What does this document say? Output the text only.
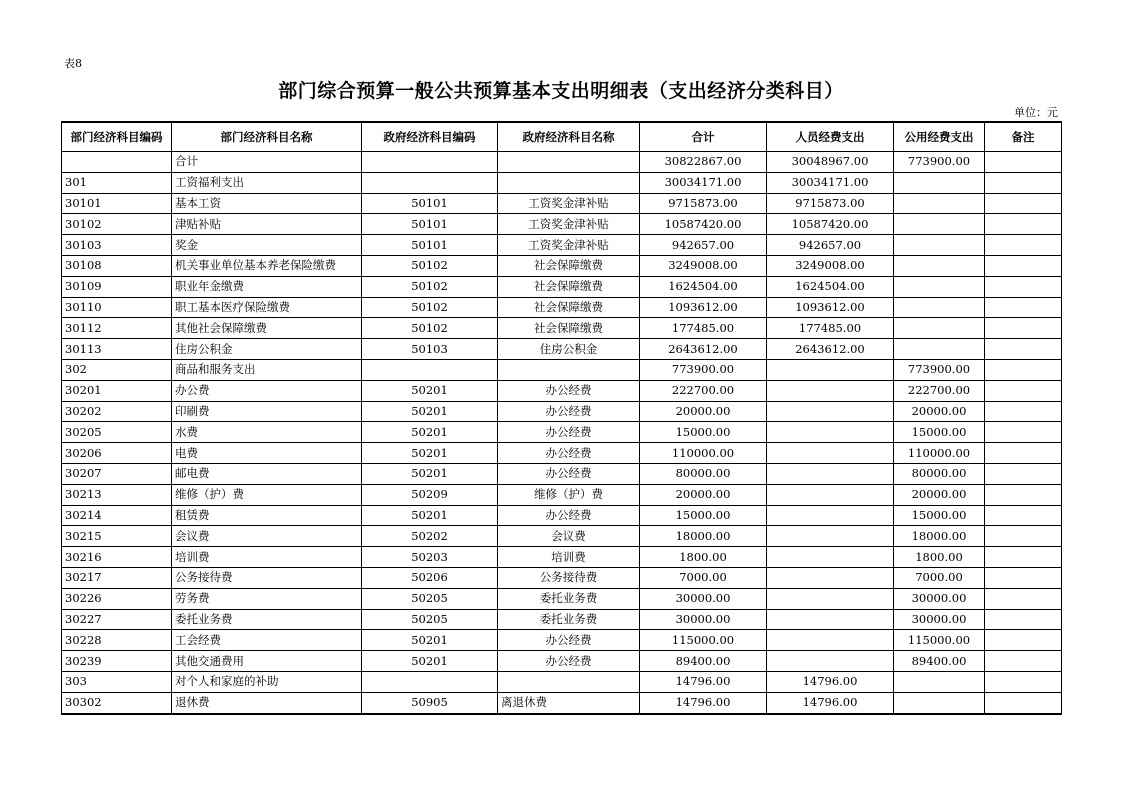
表8
部门综合预算一般公共预算基本支出明细表（支出经济分类科目）
单位：元
部门经济科目编码	部门经济科目名称	政府经济科目编码	政府经济科目名称	合计	人员经费支出	公用经费支出	备注
	合计			30822867.00	30048967.00	773900.00	
301	工资福利支出			30034171.00	30034171.00		
30101	基本工资	50101	工资奖金津补贴	9715873.00	9715873.00		
30102	津贴补贴	50101	工资奖金津补贴	10587420.00	10587420.00		
30103	奖金	50101	工资奖金津补贴	942657.00	942657.00		
30108	机关事业单位基本养老保险缴费	50102	社会保障缴费	3249008.00	3249008.00		
30109	职业年金缴费	50102	社会保障缴费	1624504.00	1624504.00		
30110	职工基本医疗保险缴费	50102	社会保障缴费	1093612.00	1093612.00		
30112	其他社会保障缴费	50102	社会保障缴费	177485.00	177485.00		
30113	住房公积金	50103	住房公积金	2643612.00	2643612.00		
302	商品和服务支出			773900.00		773900.00	
30201	办公费	50201	办公经费	222700.00		222700.00	
30202	印刷费	50201	办公经费	20000.00		20000.00	
30205	水费	50201	办公经费	15000.00		15000.00	
30206	电费	50201	办公经费	110000.00		110000.00	
30207	邮电费	50201	办公经费	80000.00		80000.00	
30213	维修（护）费	50209	维修（护）费	20000.00		20000.00	
30214	租赁费	50201	办公经费	15000.00		15000.00	
30215	会议费	50202	会议费	18000.00		18000.00	
30216	培训费	50203	培训费	1800.00		1800.00	
30217	公务接待费	50206	公务接待费	7000.00		7000.00	
30226	劳务费	50205	委托业务费	30000.00		30000.00	
30227	委托业务费	50205	委托业务费	30000.00		30000.00	
30228	工会经费	50201	办公经费	115000.00		115000.00	
30239	其他交通费用	50201	办公经费	89400.00		89400.00	
303	对个人和家庭的补助			14796.00	14796.00		
30302	退休费	50905	离退休费	14796.00	14796.00		
